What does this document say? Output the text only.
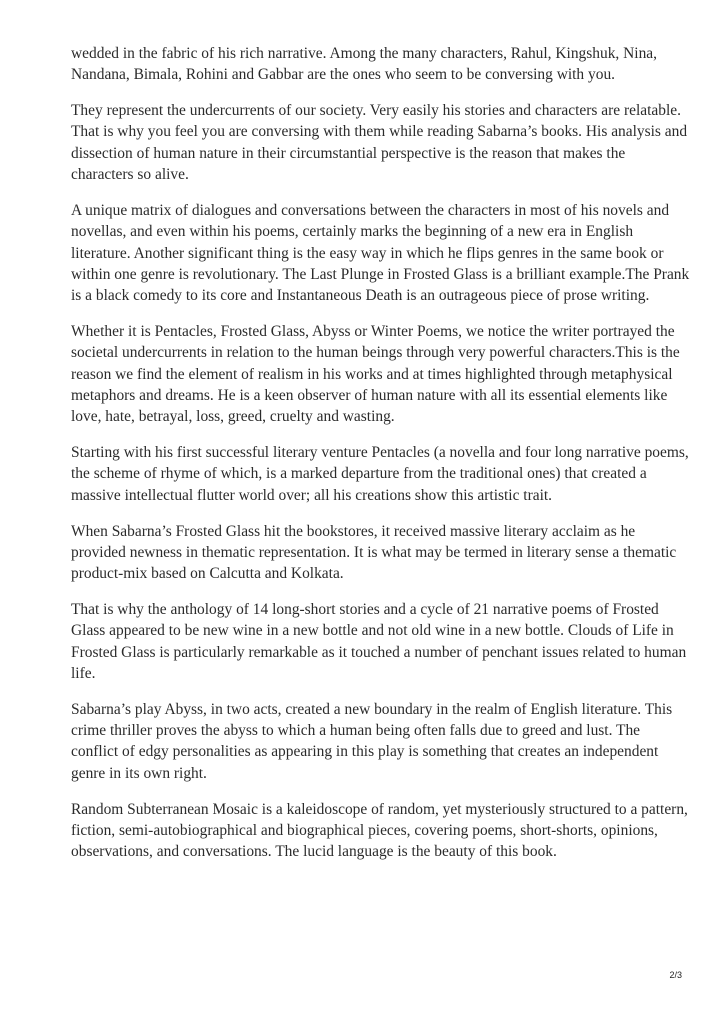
wedded in the fabric of his rich narrative. Among the many characters, Rahul, Kingshuk, Nina, Nandana, Bimala, Rohini and Gabbar are the ones who seem to be conversing with you.

They represent the undercurrents of our society. Very easily his stories and characters are relatable. That is why you feel you are conversing with them while reading Sabarna’s books. His analysis and dissection of human nature in their circumstantial perspective is the reason that makes the characters so alive.

A unique matrix of dialogues and conversations between the characters in most of his novels and novellas, and even within his poems, certainly marks the beginning of a new era in English literature. Another significant thing is the easy way in which he flips genres in the same book or within one genre is revolutionary. The Last Plunge in Frosted Glass is a brilliant example.The Prank is a black comedy to its core and Instantaneous Death is an outrageous piece of prose writing.

Whether it is Pentacles, Frosted Glass, Abyss or Winter Poems, we notice the writer portrayed the societal undercurrents in relation to the human beings through very powerful characters.This is the reason we find the element of realism in his works and at times highlighted through metaphysical metaphors and dreams. He is a keen observer of human nature with all its essential elements like love, hate, betrayal, loss, greed, cruelty and wasting.

Starting with his first successful literary venture Pentacles (a novella and four long narrative poems, the scheme of rhyme of which, is a marked departure from the traditional ones) that created a massive intellectual flutter world over; all his creations show this artistic trait.

When Sabarna’s Frosted Glass hit the bookstores, it received massive literary acclaim as he provided newness in thematic representation. It is what may be termed in literary sense a thematic product-mix based on Calcutta and Kolkata.

That is why the anthology of 14 long-short stories and a cycle of 21 narrative poems of Frosted Glass appeared to be new wine in a new bottle and not old wine in a new bottle. Clouds of Life in Frosted Glass is particularly remarkable as it touched a number of penchant issues related to human life.

Sabarna’s play Abyss, in two acts, created a new boundary in the realm of English literature. This crime thriller proves the abyss to which a human being often falls due to greed and lust. The conflict of edgy personalities as appearing in this play is something that creates an independent genre in its own right.

Random Subterranean Mosaic is a kaleidoscope of random, yet mysteriously structured to a pattern, fiction, semi-autobiographical and biographical pieces, covering poems, short-shorts, opinions, observations, and conversations. The lucid language is the beauty of this book.

2/3
